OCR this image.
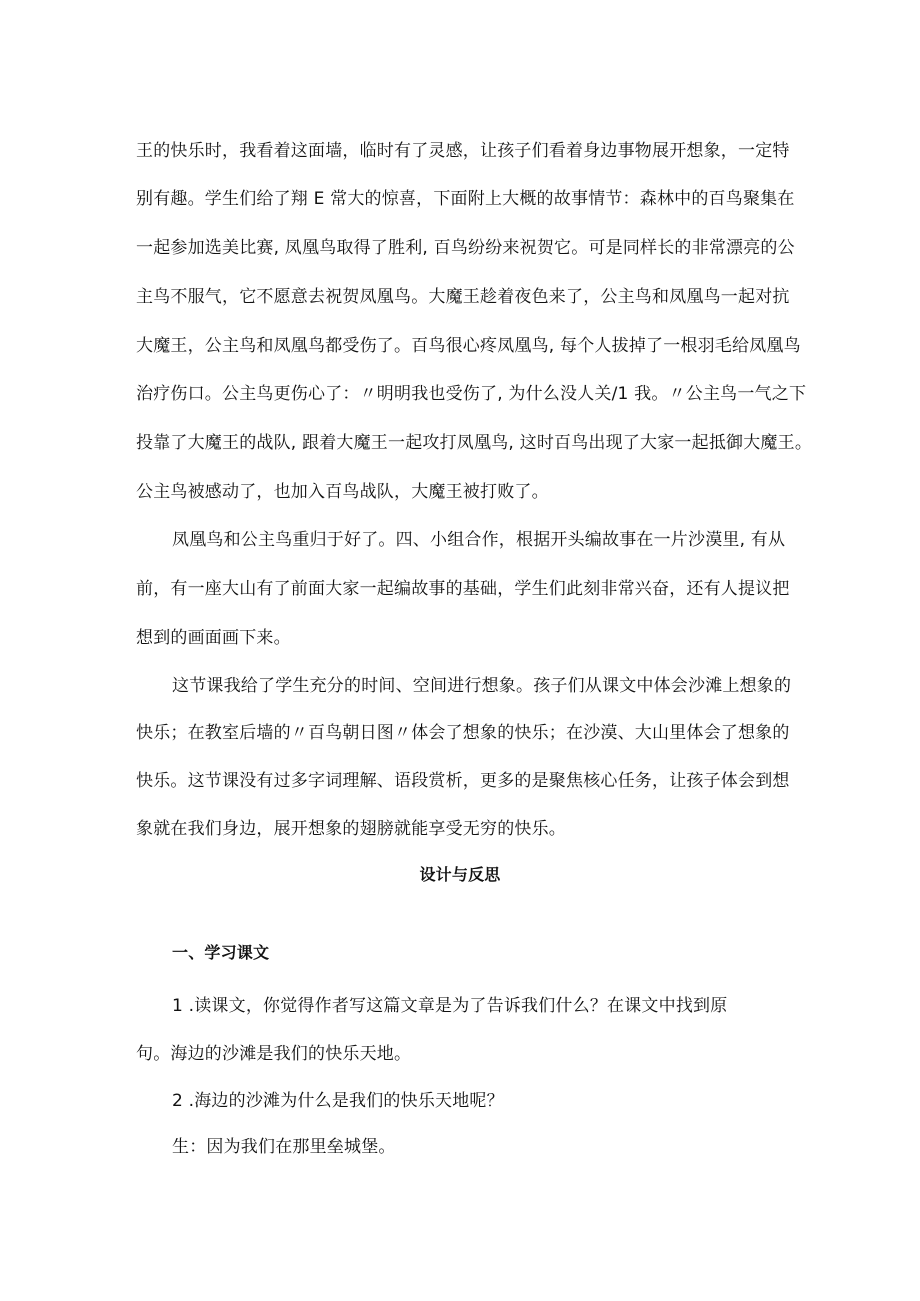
王的快乐时，我看着这面墙，临时有了灵感，让孩子们看着身边事物展开想象，一定特
别有趣。学生们给了翔 E 常大的惊喜，下面附上大概的故事情节：森林中的百鸟聚集在
一起参加选美比赛, 凤凰鸟取得了胜利, 百鸟纷纷来祝贺它。可是同样长的非常漂亮的公
主鸟不服气，它不愿意去祝贺凤凰鸟。大魔王趁着夜色来了，公主鸟和凤凰鸟一起对抗
大魔王，公主鸟和凤凰鸟都受伤了。百鸟很心疼凤凰鸟, 每个人拔掉了一根羽毛给凤凰鸟
治疗伤口。公主鸟更伤心了：〃明明我也受伤了, 为什么没人关/1 我。〃公主鸟一气之下
投靠了大魔王的战队, 跟着大魔王一起攻打凤凰鸟, 这时百鸟出现了大家一起抵御大魔王。
公主鸟被感动了，也加入百鸟战队，大魔王被打败了。
凤凰鸟和公主鸟重归于好了。四、小组合作，根据开头编故事在一片沙漠里, 有从
前，有一座大山有了前面大家一起编故事的基础，学生们此刻非常兴奋，还有人提议把
想到的画面画下来。
这节课我给了学生充分的时间、空间进行想象。孩子们从课文中体会沙滩上想象的
快乐；在教室后墙的〃百鸟朝日图〃体会了想象的快乐；在沙漠、大山里体会了想象的
快乐。这节课没有过多字词理解、语段赏析，更多的是聚焦核心任务，让孩子体会到想
象就在我们身边，展开想象的翅膀就能享受无穷的快乐。
设计与反思
一、学习课文
1 .读课文，你觉得作者写这篇文章是为了告诉我们什么？在课文中找到原
句。海边的沙滩是我们的快乐天地。
2 .海边的沙滩为什么是我们的快乐天地呢？
生：因为我们在那里垒城堡。
